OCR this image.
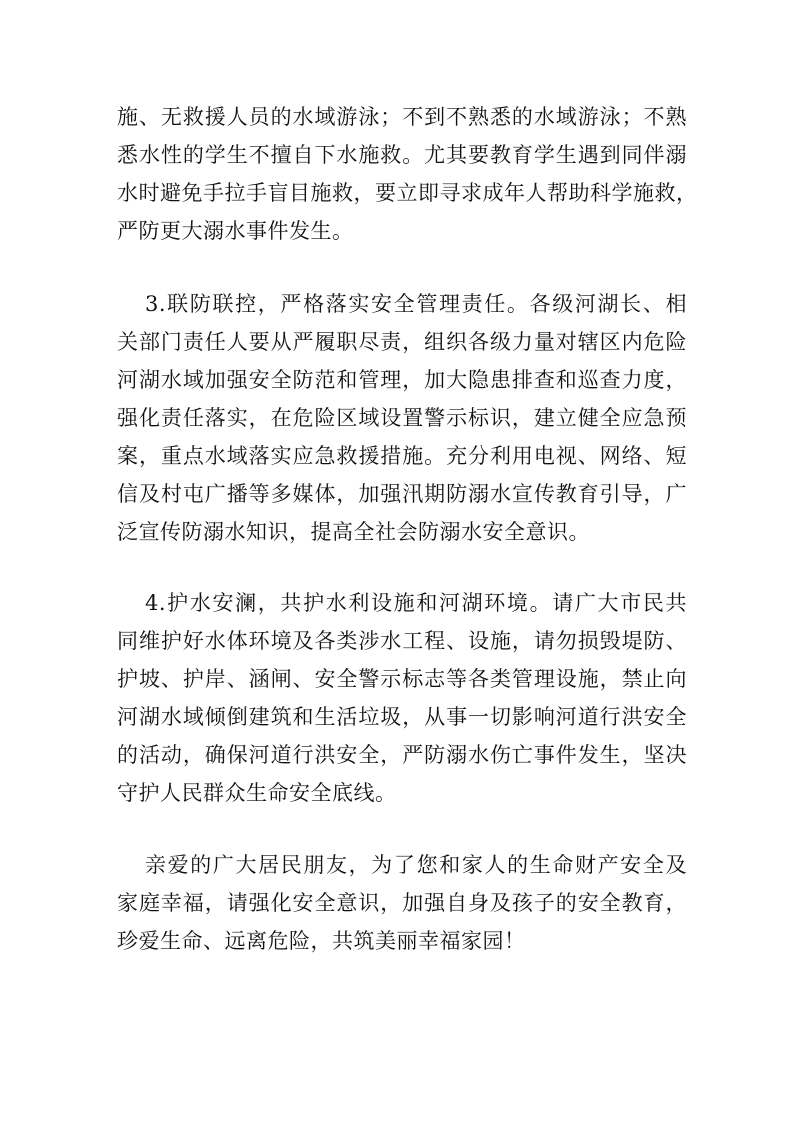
施、无救援人员的水域游泳；不到不熟悉的水域游泳；不熟
悉水性的学生不擅自下水施救。尤其要教育学生遇到同伴溺
水时避免手拉手盲目施救，要立即寻求成年人帮助科学施救，
严防更大溺水事件发生。
3.联防联控，严格落实安全管理责任。各级河湖长、相
关部门责任人要从严履职尽责，组织各级力量对辖区内危险
河湖水域加强安全防范和管理，加大隐患排查和巡查力度，
强化责任落实，在危险区域设置警示标识，建立健全应急预
案，重点水域落实应急救援措施。充分利用电视、网络、短
信及村屯广播等多媒体，加强汛期防溺水宣传教育引导，广
泛宣传防溺水知识，提高全社会防溺水安全意识。
4.护水安澜，共护水利设施和河湖环境。请广大市民共
同维护好水体环境及各类涉水工程、设施，请勿损毁堤防、
护坡、护岸、涵闸、安全警示标志等各类管理设施，禁止向
河湖水域倾倒建筑和生活垃圾，从事一切影响河道行洪安全
的活动，确保河道行洪安全，严防溺水伤亡事件发生，坚决
守护人民群众生命安全底线。
亲爱的广大居民朋友，为了您和家人的生命财产安全及
家庭幸福，请强化安全意识，加强自身及孩子的安全教育，
珍爱生命、远离危险，共筑美丽幸福家园！
